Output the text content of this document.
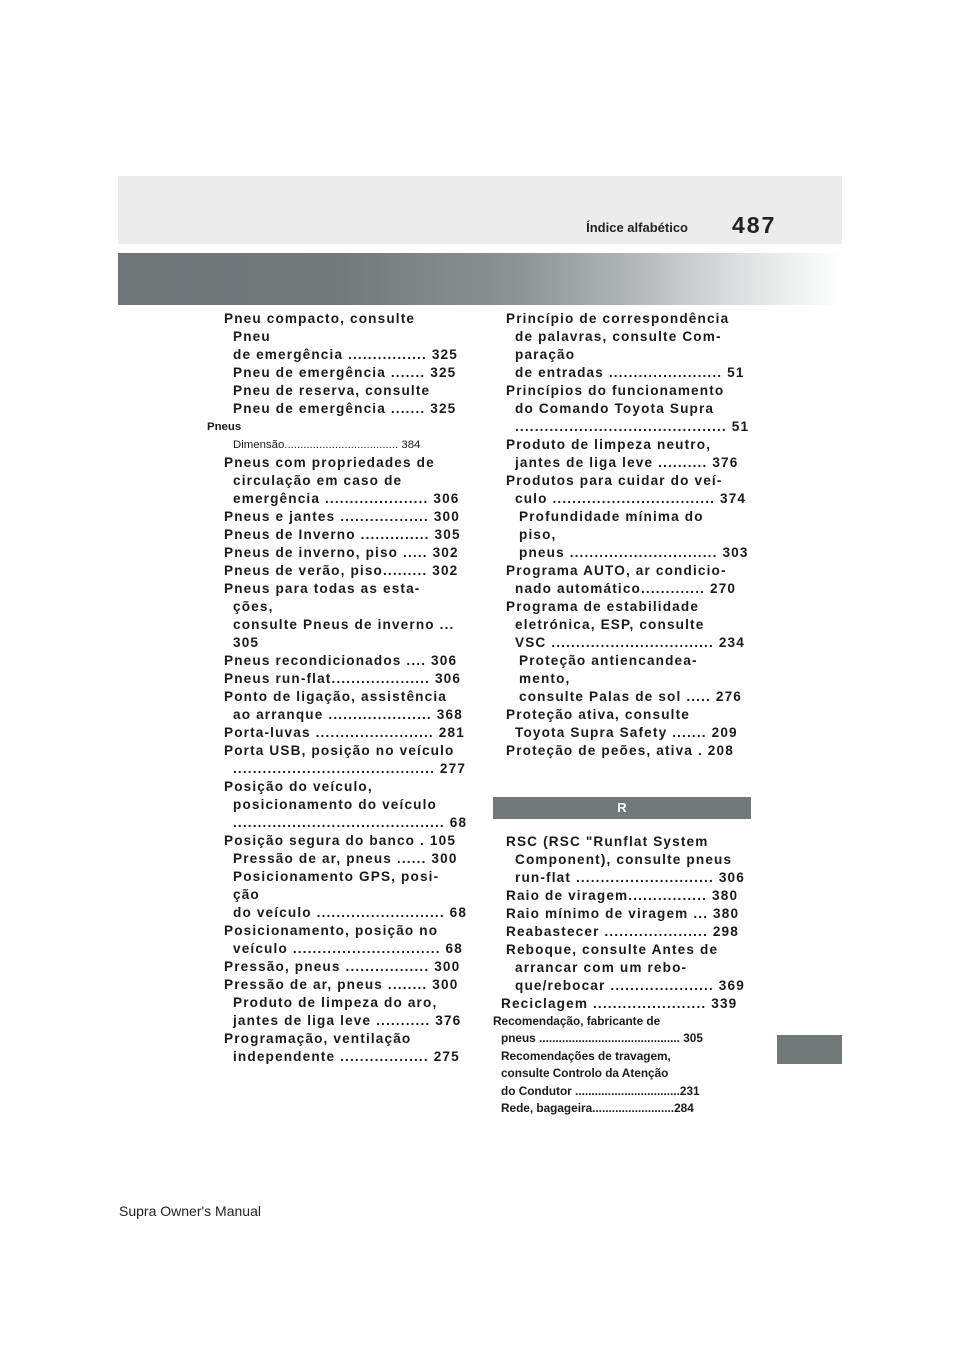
Índice alfabético 487
Pneu compacto, consulte
Pneu
de emergência ................ 325
Pneu de emergência ....... 325
Pneu de reserva, consulte
Pneu de emergência ....... 325
Pneus
Dimensão.................................... 384
Pneus com propriedades de
circulação em caso de
emergência ..................... 306
Pneus e jantes .................. 300
Pneus de Inverno .............. 305
Pneus de inverno, piso ..... 302
Pneus de verão, piso......... 302
Pneus para todas as esta-
ções,
consulte Pneus de inverno ...
305
Pneus recondicionados .... 306
Pneus run-flat.................... 306
Ponto de ligação, assistência
ao arranque ..................... 368
Porta-luvas ........................ 281
Porta USB, posição no veículo
......................................... 277
Posição do veículo,
posicionamento do veículo
........................................... 68
Posição segura do banco . 105
Pressão de ar, pneus ...... 300
Posicionamento GPS, posi-
ção
do veículo .......................... 68
Posicionamento, posição no
veículo .............................. 68
Pressão, pneus ................. 300
Pressão de ar, pneus ........ 300
Produto de limpeza do aro,
jantes de liga leve ........... 376
Programação, ventilação
independente .................. 275
Princípio de correspondência
de palavras, consulte Com-
paração
de entradas ....................... 51
Princípios do funcionamento
do Comando Toyota Supra
........................................... 51
Produto de limpeza neutro,
jantes de liga leve .......... 376
Produtos para cuidar do veí-
culo ................................. 374
Profundidade mínima do
piso,
pneus .............................. 303
Programa AUTO, ar condicio-
nado automático............. 270
Programa de estabilidade
eletrónica, ESP, consulte
VSC ................................. 234
Proteção antiencandea-
mento,
consulte Palas de sol ..... 276
Proteção ativa, consulte
Toyota Supra Safety ....... 209
Proteção de peões, ativa . 208
R
RSC (RSC "Runflat System
Component), consulte pneus
run-flat ............................ 306
Raio de viragem................ 380
Raio mínimo de viragem ... 380
Reabastecer ..................... 298
Reboque, consulte Antes de
arrancar com um rebo-
que/rebocar ..................... 369
Reciclagem ....................... 339
Recomendação, fabricante de
pneus ........................................... 305
Recomendações de travagem,
consulte Controlo da Atenção
do Condutor ................................231
Rede, bagageira.........................284
Supra Owner's Manual
